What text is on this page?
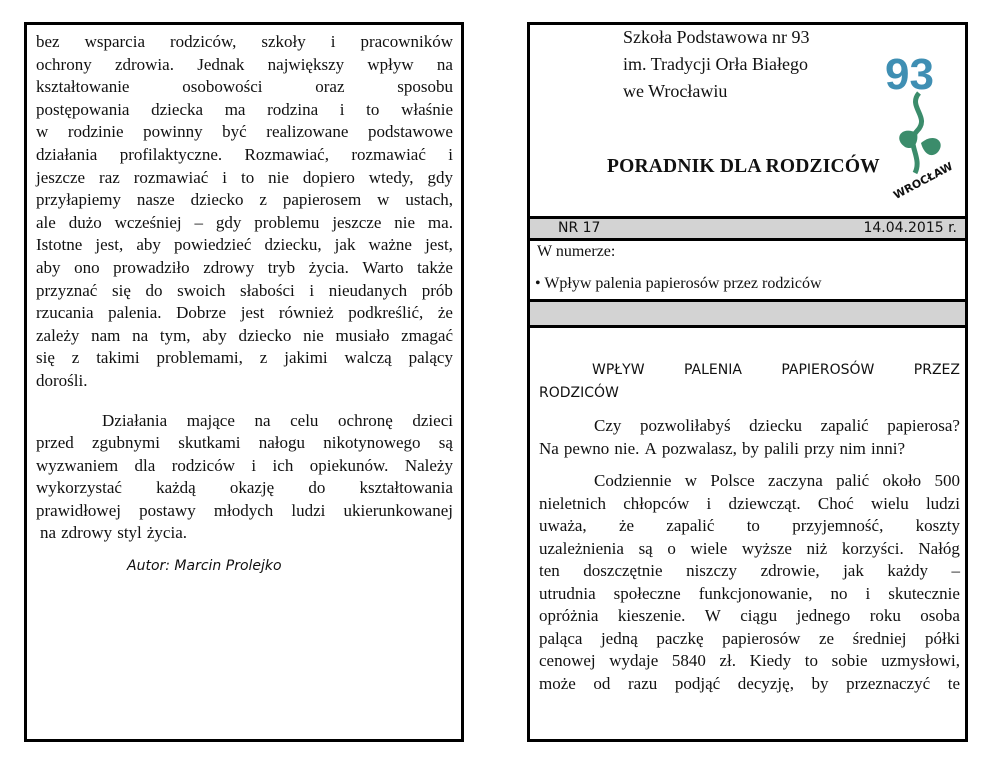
bez wsparcia rodziców, szkoły i pracowników
ochrony zdrowia. Jednak największy wpływ na
kształtowanie	osobowości	oraz	sposobu
postępowania dziecka ma rodzina i to właśnie
w rodzinie powinny być realizowane podstawowe
działania profilaktyczne. Rozmawiać, rozmawiać i
jeszcze raz rozmawiać i to nie dopiero wtedy, gdy
przyłapiemy nasze dziecko z papierosem w ustach,
ale dużo wcześniej – gdy problemu jeszcze nie ma.
Istotne jest, aby powiedzieć dziecku, jak ważne jest,
aby ono prowadziło zdrowy tryb życia. Warto także
przyznać się do swoich słabości i nieudanych prób
rzucania palenia. Dobrze jest również podkreślić, że
zależy nam na tym, aby dziecko nie musiało zmagać
się z takimi problemami, z jakimi walczą palący
dorośli.
Działania mające na celu ochronę dzieci
przed zgubnymi skutkami nałogu nikotynowego są
wyzwaniem dla rodziców i ich opiekunów. Należy
wykorzystać każdą okazję do kształtowania
prawidłowej postawy młodych ludzi ukierunkowanej
na zdrowy styl życia.
Autor: Marcin Prolejko
Szkoła Podstawowa nr 93
im. Tradycji Orła Białego
we Wrocławiu
PORADNIK DLA RODZICÓW
93
WROCŁAW
NR 17	14.04.2015 r.
W numerze:
• Wpływ palenia papierosów przez rodziców
WPŁYW	PALENIA	PAPIEROSÓW	PRZEZ
RODZICÓW
Czy pozwoliłabyś dziecku zapalić papierosa?
Na pewno nie. A pozwalasz, by palili przy nim inni?
Codziennie w Polsce zaczyna palić około 500
nieletnich chłopców i dziewcząt. Choć wielu ludzi
uważa, że zapalić to przyjemność, koszty
uzależnienia są o wiele wyższe niż korzyści. Nałóg
ten doszczętnie niszczy zdrowie, jak każdy –
utrudnia społeczne funkcjonowanie, no i skutecznie
opróżnia kieszenie. W ciągu jednego roku osoba
paląca jedną paczkę papierosów ze średniej półki
cenowej wydaje 5840 zł. Kiedy to sobie uzmysłowi,
może od razu podjąć decyzję, by przeznaczyć te
